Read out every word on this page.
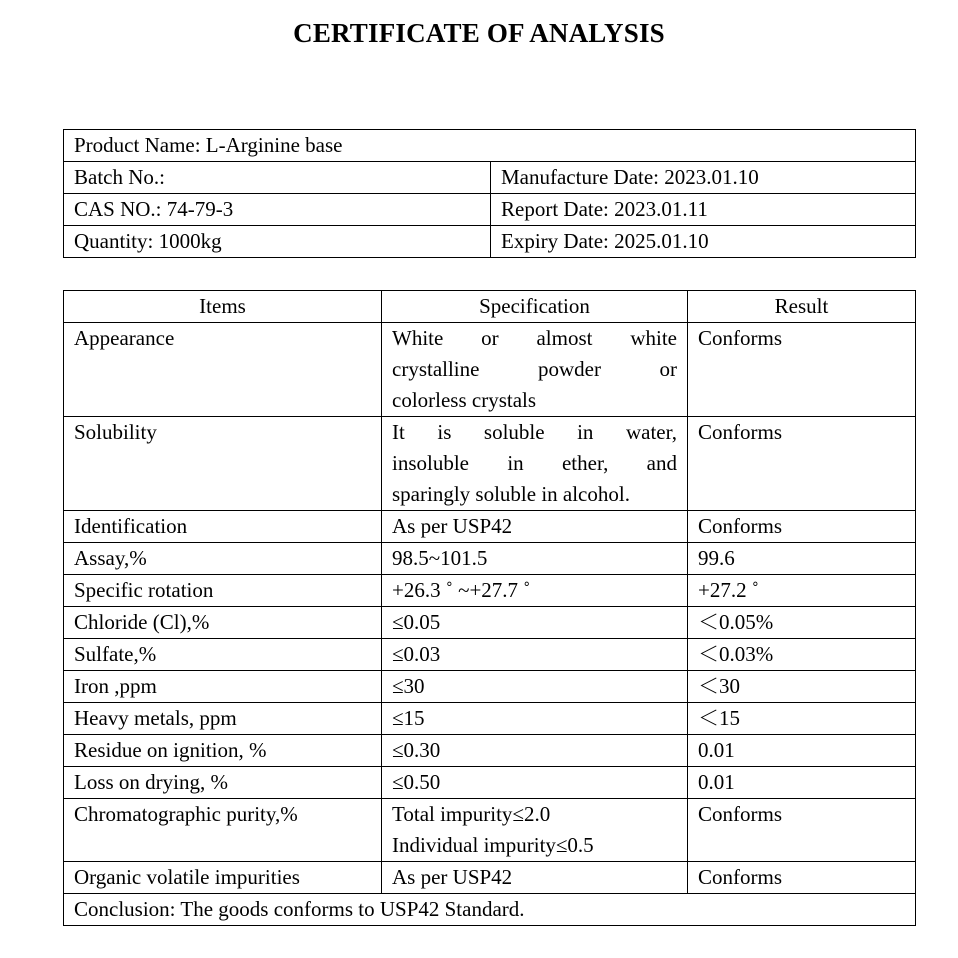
CERTIFICATE OF ANALYSIS
Product Name: L-Arginine base	
Batch No.:	Manufacture Date: 2023.01.10
CAS NO.: 74-79-3	Report Date: 2023.01.11
Quantity: 1000kg	Expiry Date: 2025.01.10
Items	Specification	Result
Appearance	White or almost white
crystalline powder or
colorless crystals	Conforms
Solubility	It is soluble in water,
insoluble in ether, and
sparingly soluble in alcohol.	Conforms
Identification	As per USP42	Conforms
Assay,%	98.5~101.5	99.6
Specific rotation	+26.3 ˚ ~+27.7 ˚	+27.2 ˚
Chloride (Cl),%	≤0.05	＜0.05%
Sulfate,%	≤0.03	＜0.03%
Iron ,ppm	≤30	＜30
Heavy metals, ppm	≤15	＜15
Residue on ignition, %	≤0.30	0.01
Loss on drying, %	≤0.50	0.01
Chromatographic purity,%	Total impurity≤2.0
Individual impurity≤0.5	Conforms
Organic volatile impurities	As per USP42	Conforms
Conclusion: The goods conforms to USP42 Standard.		
